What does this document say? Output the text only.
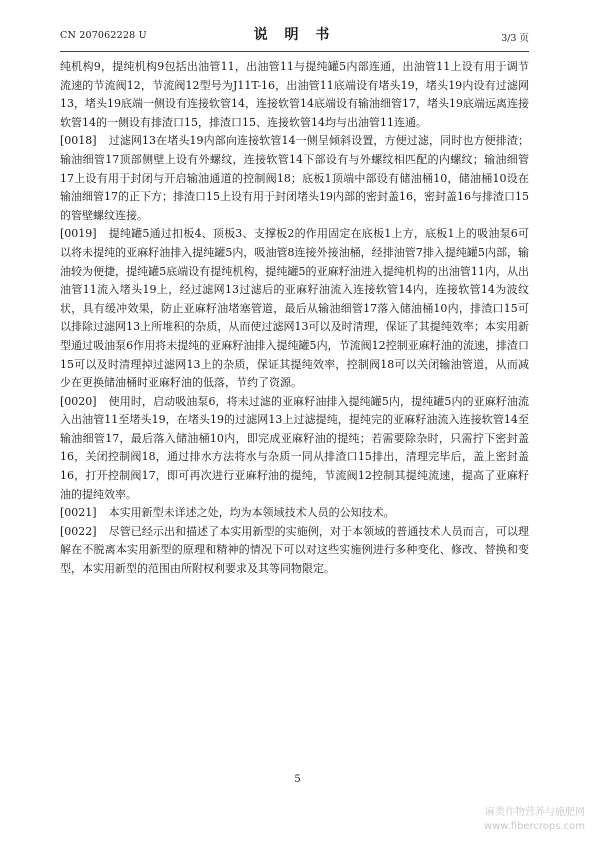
CN 207062228 U	说 明 书	3/3 页

纯机构9，提纯机构9包括出油管11，出油管11与提纯罐5内部连通，出油管11上设有用于调节流速的节流阀12，节流阀12型号为J11T-16，出油管11底端设有堵头19，堵头19内设有过滤网13，堵头19底端一侧设有连接软管14，连接软管14底端设有输油细管17，堵头19底端远离连接软管14的一侧设有排渣口15，排渣口15、连接软管14均与出油管11连通。

[0018] 过滤网13在堵头19内部向连接软管14一侧呈倾斜设置，方便过滤，同时也方便排渣；输油细管17顶部侧壁上设有外螺纹，连接软管14下部设有与外螺纹相匹配的内螺纹；输油细管17上设有用于封闭与开启输油通道的控制阀18；底板1顶端中部设有储油桶10，储油桶10设在输油细管17的正下方；排渣口15上设有用于封闭堵头19内部的密封盖16，密封盖16与排渣口15的管壁螺纹连接。

[0019] 提纯罐5通过扣板4、顶板3、支撑板2的作用固定在底板1上方，底板1上的吸油泵6可以将未提纯的亚麻籽油排入提纯罐5内，吸油管8连接外接油桶，经排油管7排入提纯罐5内部，输油较为便捷，提纯罐5底端设有提纯机构，提纯罐5的亚麻籽油进入提纯机构的出油管11内，从出油管11流入堵头19上，经过滤网13过滤后的亚麻籽油流入连接软管14内，连接软管14为波纹状，具有缓冲效果，防止亚麻籽油堵塞管道，最后从输油细管17落入储油桶10内，排渣口15可以排除过滤网13上所堆积的杂质，从而使过滤网13可以及时清理，保证了其提纯效率；本实用新型通过吸油泵6作用将未提纯的亚麻籽油排入提纯罐5内，节流阀12控制亚麻籽油的流速，排渣口15可以及时清理掉过滤网13上的杂质，保证其提纯效率，控制阀18可以关闭输油管道，从而减少在更换储油桶时亚麻籽油的低落，节约了资源。

[0020] 使用时，启动吸油泵6，将未过滤的亚麻籽油排入提纯罐5内，提纯罐5内的亚麻籽油流入出油管11至堵头19，在堵头19的过滤网13上过滤提纯，提纯完的亚麻籽油流入连接软管14至输油细管17，最后落入储油桶10内，即完成亚麻籽油的提纯；若需要除杂时，只需拧下密封盖16，关闭控制阀18，通过排水方法将水与杂质一同从排渣口15排出，清理完毕后，盖上密封盖16，打开控制阀17，即可再次进行亚麻籽油的提纯，节流阀12控制其提纯流速，提高了亚麻籽油的提纯效率。

[0021] 本实用新型未详述之处，均为本领域技术人员的公知技术。

[0022] 尽管已经示出和描述了本实用新型的实施例，对于本领域的普通技术人员而言，可以理解在不脱离本实用新型的原理和精神的情况下可以对这些实施例进行多种变化、修改、替换和变型，本实用新型的范围由所附权利要求及其等同物限定。

5
麻类作物营养与施肥网
www.fibercrops.com
